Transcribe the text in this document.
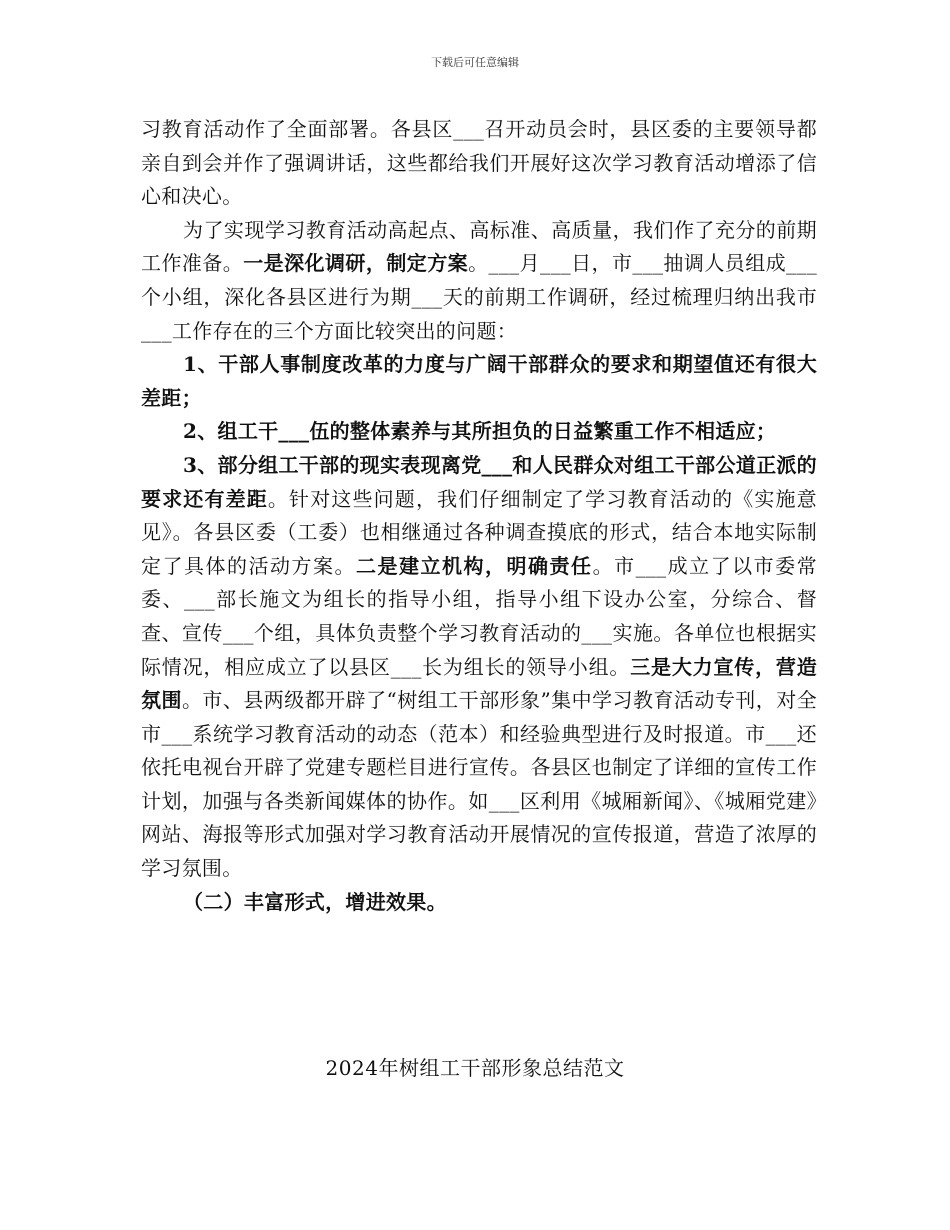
下载后可任意编辑

习教育活动作了全面部署。各县区___召开动员会时，县区委的主要领导都亲自到会并作了强调讲话，这些都给我们开展好这次学习教育活动增添了信心和决心。

为了实现学习教育活动高起点、高标准、高质量，我们作了充分的前期工作准备。一是深化调研，制定方案。___月___日，市___抽调人员组成___个小组，深化各县区进行为期___天的前期工作调研，经过梳理归纳出我市___工作存在的三个方面比较突出的问题：

1、干部人事制度改革的力度与广阔干部群众的要求和期望值还有很大差距；

2、组工干___伍的整体素养与其所担负的日益繁重工作不相适应；

3、部分组工干部的现实表现离党___和人民群众对组工干部公道正派的要求还有差距。针对这些问题，我们仔细制定了学习教育活动的《实施意见》。各县区委（工委）也相继通过各种调查摸底的形式，结合本地实际制定了具体的活动方案。二是建立机构，明确责任。市___成立了以市委常委、___部长施文为组长的指导小组，指导小组下设办公室，分综合、督查、宣传___个组，具体负责整个学习教育活动的___实施。各单位也根据实际情况，相应成立了以县区___长为组长的领导小组。三是大力宣传，营造氛围。市、县两级都开辟了“树组工干部形象”集中学习教育活动专刊，对全市___系统学习教育活动的动态（范本）和经验典型进行及时报道。市___还依托电视台开辟了党建专题栏目进行宣传。各县区也制定了详细的宣传工作计划，加强与各类新闻媒体的协作。如___区利用《城厢新闻》、《城厢党建》网站、海报等形式加强对学习教育活动开展情况的宣传报道，营造了浓厚的学习氛围。

（二）丰富形式，增进效果。

2024年树组工干部形象总结范文
